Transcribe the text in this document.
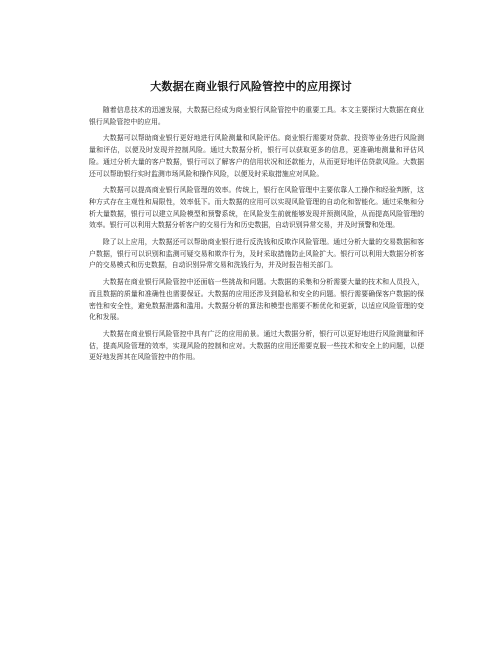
大数据在商业银行风险管控中的应用探讨

随着信息技术的迅速发展，大数据已经成为商业银行风险管控中的重要工具。本文主要探讨大数据在商业银行风险管控中的应用。

大数据可以帮助商业银行更好地进行风险测量和风险评估。商业银行需要对贷款、投资等业务进行风险测量和评估，以便及时发现并控制风险。通过大数据分析，银行可以获取更多的信息，更准确地测量和评估风险。通过分析大量的客户数据，银行可以了解客户的信用状况和还款能力，从而更好地评估贷款风险。大数据还可以帮助银行实时监测市场风险和操作风险，以便及时采取措施应对风险。

大数据可以提高商业银行风险管理的效率。传统上，银行在风险管理中主要依靠人工操作和经验判断，这种方式存在主观性和局限性，效率低下。而大数据的应用可以实现风险管理的自动化和智能化。通过采集和分析大量数据，银行可以建立风险模型和预警系统，在风险发生前就能够发现并预测风险，从而提高风险管理的效率。银行可以利用大数据分析客户的交易行为和历史数据，自动识别异常交易，并及时预警和处理。

除了以上应用，大数据还可以帮助商业银行进行反洗钱和反欺诈风险管理。通过分析大量的交易数据和客户数据，银行可以识别和监测可疑交易和欺诈行为，及时采取措施防止风险扩大。银行可以利用大数据分析客户的交易模式和历史数据，自动识别异常交易和洗钱行为，并及时报告相关部门。

大数据在商业银行风险管控中还面临一些挑战和问题。大数据的采集和分析需要大量的技术和人员投入，而且数据的质量和准确性也需要保证。大数据的应用还涉及到隐私和安全的问题。银行需要确保客户数据的保密性和安全性，避免数据泄露和滥用。大数据分析的算法和模型也需要不断优化和更新，以适应风险管理的变化和发展。

大数据在商业银行风险管控中具有广泛的应用前景。通过大数据分析，银行可以更好地进行风险测量和评估，提高风险管理的效率，实现风险的控制和应对。大数据的应用还需要克服一些技术和安全上的问题，以便更好地发挥其在风险管控中的作用。
